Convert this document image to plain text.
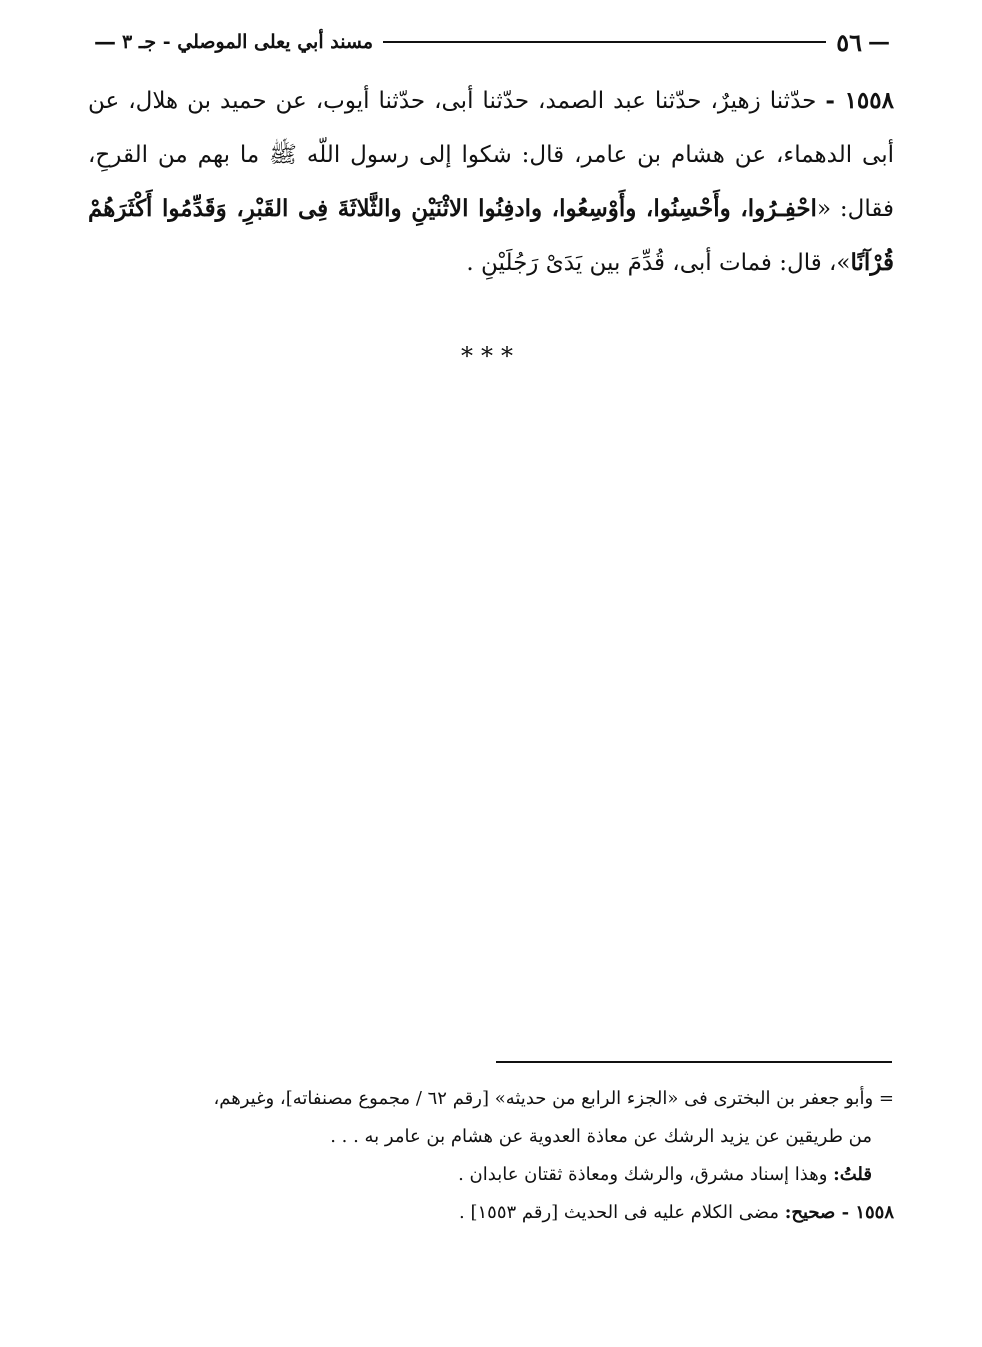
— مسند أبي يعلى الموصلي - جـ ٣	٥٦ —
١٥٥٨ - حدّثنا زهيرٌ، حدّثنا عبد الصمد، حدّثنا أبى، حدّثنا أيوب، عن حميد بن هلال، عن أبى الدهماء، عن هشام بن عامر، قال: شكوا إلى رسول اللّه ﷺ ما بهم من القرحِ، فقال: «احْفِـرُوا، وأَحْسِنُوا، وأَوْسِعُوا، وادفِنُوا الاثْنَيْنِ والثَّلاثَةَ فِى القَبْرِ، وَقَدِّمُوا أَكْثَرَهُمْ قُرْآنًا»، قال: فمات أبى، قُدِّمَ بين يَدَىْ رَجُلَيْنِ .
***

= وأبو جعفر بن البخترى فى «الجزء الرابع من حديثه» [رقم ٦٢ / مجموع مصنفاته]، وغيرهم،

من طريقين عن يزيد الرشك عن معاذة العدوية عن هشام بن عامر به . . .

قلتُ: وهذا إسناد مشرق، والرشك ومعاذة ثقتان عابدان .

١٥٥٨ - صحيح: مضى الكلام عليه فى الحديث [رقم ١٥٥٣] .
